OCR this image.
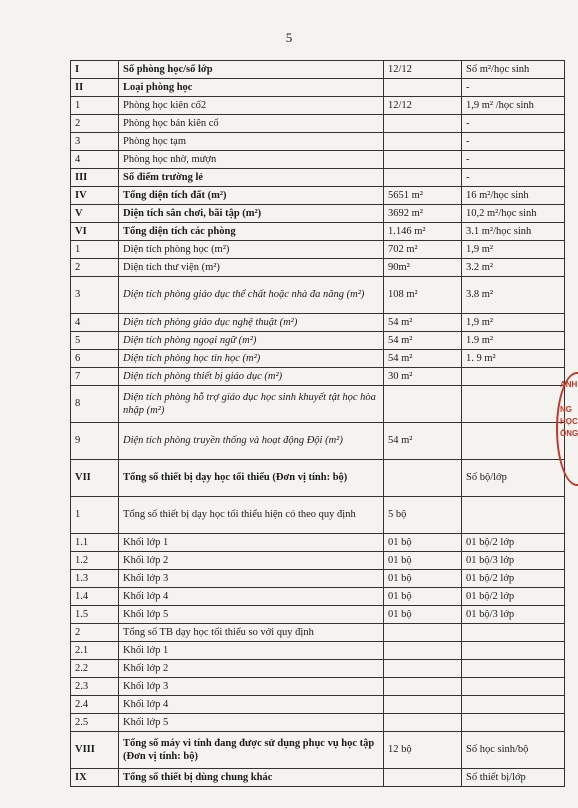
5
I	Số phòng học/số lớp	12/12	Số m²/học sinh
II	Loại phòng học		-
1	Phòng học kiên cố2	12/12	1,9 m² /học sinh
2	Phòng học bán kiên cố		-
3	Phòng học tạm		-
4	Phòng học nhờ, mượn		-
III	Số điểm trường lẻ		-
IV	Tổng diện tích đất (m²)	5651 m²	16 m²/học sinh
V	Diện tích sân chơi, bãi tập (m²)	3692 m²	10,2 m²/học sinh
VI	Tổng diện tích các phòng	1.146 m²	3.1 m²/học sinh
1	Diện tích phòng học (m²)	702 m²	1,9 m²
2	Diện tích thư viện (m²)	90m²	3.2 m²
3	Diện tích phòng giáo dục thể chất hoặc nhà đa năng (m²)	108 m²	3.8 m²
4	Diện tích phòng giáo dục nghệ thuật (m²)	54 m²	1,9 m²
5	Diện tích phòng ngoại ngữ (m²)	54 m²	1.9 m²
6	Diện tích phòng học tin học (m²)	54 m²	1. 9 m²
7	Diện tích phòng thiết bị giáo dục (m²)	30 m²	
8	Diện tích phòng hỗ trợ giáo dục học sinh khuyết tật học hòa nhập (m²)		
9	Diện tích phòng truyền thống và hoạt động Đội (m²)	54 m²	
VII	Tổng số thiết bị dạy học tối thiểu (Đơn vị tính: bộ)		Số bộ/lớp
1	Tổng số thiết bị dạy học tối thiểu hiện có theo quy định	5 bộ	
1.1	Khối lớp 1	01 bộ	01 bộ/2 lớp
1.2	Khối lớp 2	01 bộ	01 bộ/3 lớp
1.3	Khối lớp 3	01 bộ	01 bộ/2 lớp
1.4	Khối lớp 4	01 bộ	01 bộ/2 lớp
1.5	Khối lớp 5	01 bộ	01 bộ/3 lớp
2	Tổng số TB dạy học tối thiểu so với quy định		
2.1	Khối lớp 1		
2.2	Khối lớp 2		
2.3	Khối lớp 3		
2.4	Khối lớp 4		
2.5	Khối lớp 5		
VIII	Tổng số máy vi tính đang được sử dụng phục vụ học tập (Đơn vị tính: bộ)	12 bộ	Số học sinh/bộ
IX	Tổng số thiết bị dùng chung khác		Số thiết bị/lớp
ANH
NG
HỌC
ỐNG
